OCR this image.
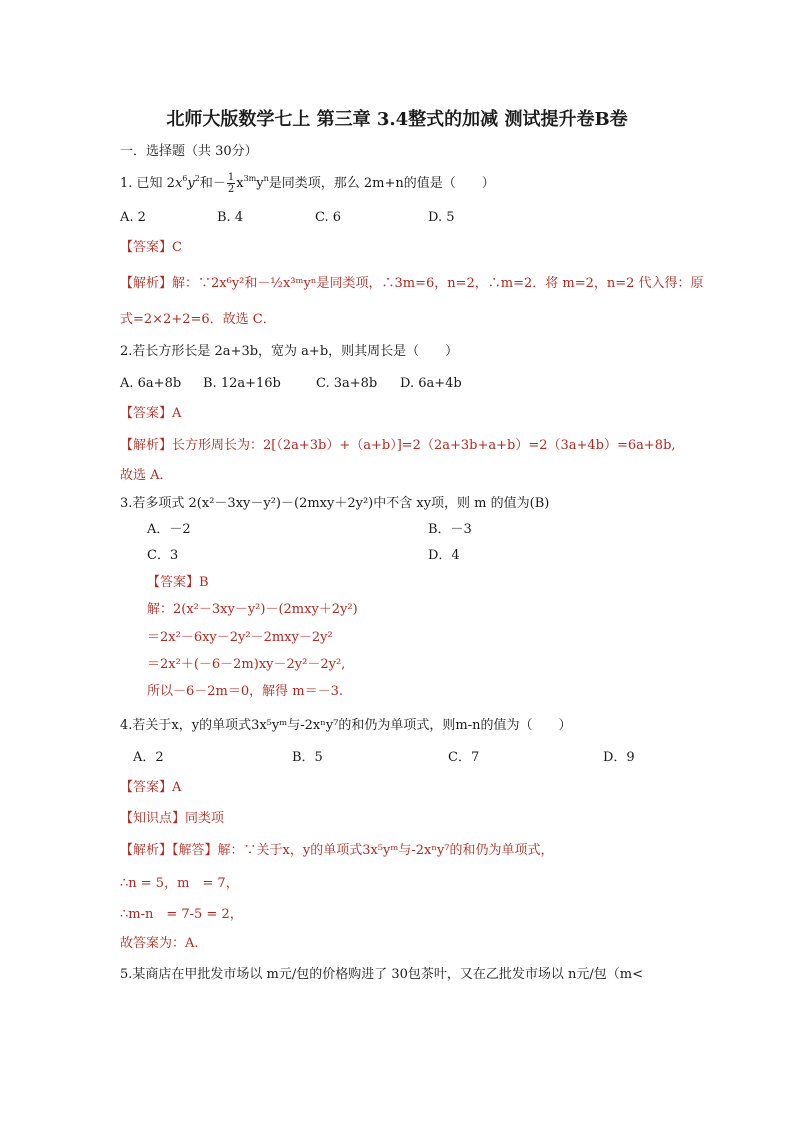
北师大版数学七上 第三章 3.4整式的加减 测试提升卷B卷
一．选择题（共 30分）
1. 已知 $2x^6y^2$和－ $\frac{1}{2} x^{3m}y^n$是同类项，那么 2m+n的值是（　　）
A. 2	B. 4	C. 6	D. 5
【答案】C
【解析】解：∵2x⁶y²和－½x³ᵐyⁿ是同类项，∴3m=6，n=2，∴m=2．将 m=2，n=2 代入得：原
式=2×2+2=6．故选 C．
2.若长方形长是 2a+3b，宽为 a+b，则其周长是（　　）
A. 6a+8b B. 12a+16b	C. 3a+8b D. 6a+4b
【答案】A
【解析】长方形周长为：2[（2a+3b）+（a+b）]=2（2a+3b+a+b）=2（3a+4b）=6a+8b,
故选 A．
3.若多项式 2(x²－3xy－y²)－(2mxy＋2y²)中不含 xy项，则 m 的值为(B)
A．－2	B．－3
C．3	D．4
【答案】B
解：2(x²－3xy－y²)－(2mxy＋2y²)
＝2x²－6xy－2y²－2mxy－2y²
＝2x²＋(－6－2m)xy－2y²－2y²,
所以－6－2m＝0，解得 m＝－3.
4.若关于x，y的单项式3x⁵yᵐ与-2xⁿy⁷的和仍为单项式，则m-n的值为（　　）
A．2	B．5	C．7	D．9
【答案】A
【知识点】同类项
【解析】【解答】解：∵关于x，y的单项式3x⁵yᵐ与-2xⁿy⁷的和仍为单项式，
∴n = 5，m　= 7，
∴m-n　= 7-5 = 2，
故答案为：A.
5.某商店在甲批发市场以 m元/包的价格购进了 30包茶叶，又在乙批发市场以 n元/包（m<
